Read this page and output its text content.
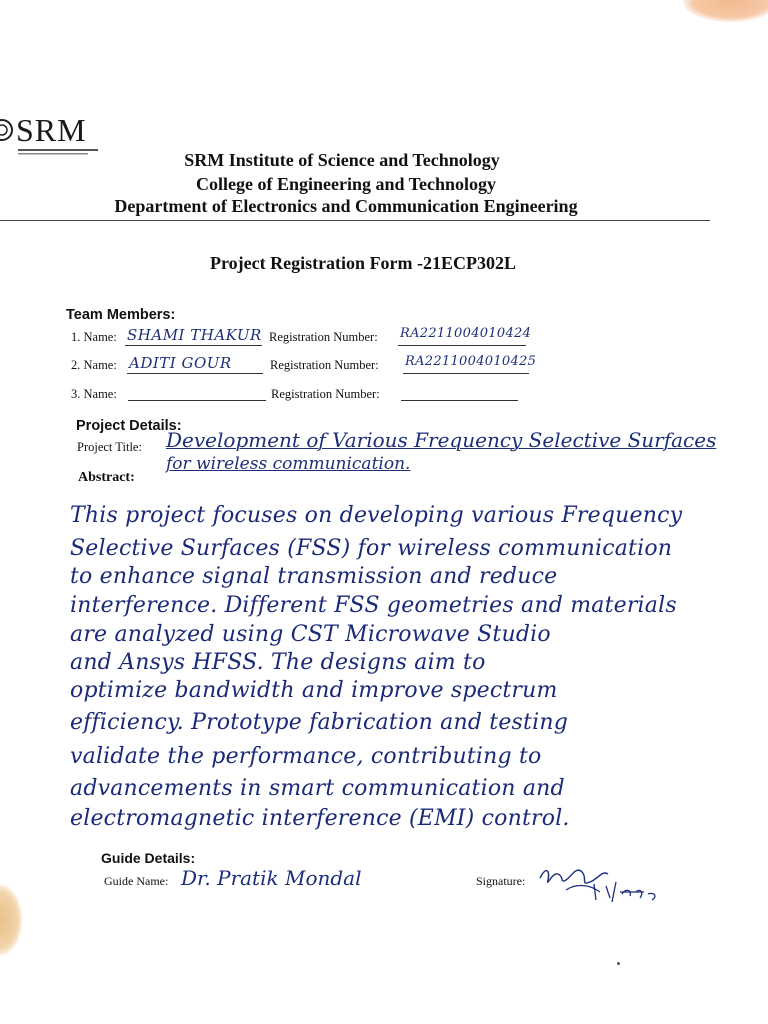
SRM
SRM Institute of Science and Technology
College of Engineering and Technology
Department of Electronics and Communication Engineering
Project Registration Form -21ECP302L
Team Members:
1. Name: SHAMI THAKUR Registration Number: RA2211004010424
2. Name: ADITI GOUR	Registration Number: RA2211004010425
3. Name:	Registration Number:
Project Details:
Project Title: Development of Various Frequency Selective Surfaces
for wireless communication.
Abstract:
This project focuses on developing various Frequency
Selective Surfaces (FSS) for wireless communication
to enhance signal transmission and reduce
interference. Different FSS geometries and materials
are analyzed using CST Microwave Studio
and Ansys HFSS. The designs aim to
optimize bandwidth and improve spectrum
efficiency. Prototype fabrication and testing
validate the performance, contributing to
advancements in smart communication and
electromagnetic interference (EMI) control.
Guide Details:
Guide Name: Dr. Pratik Mondal	Signature:
